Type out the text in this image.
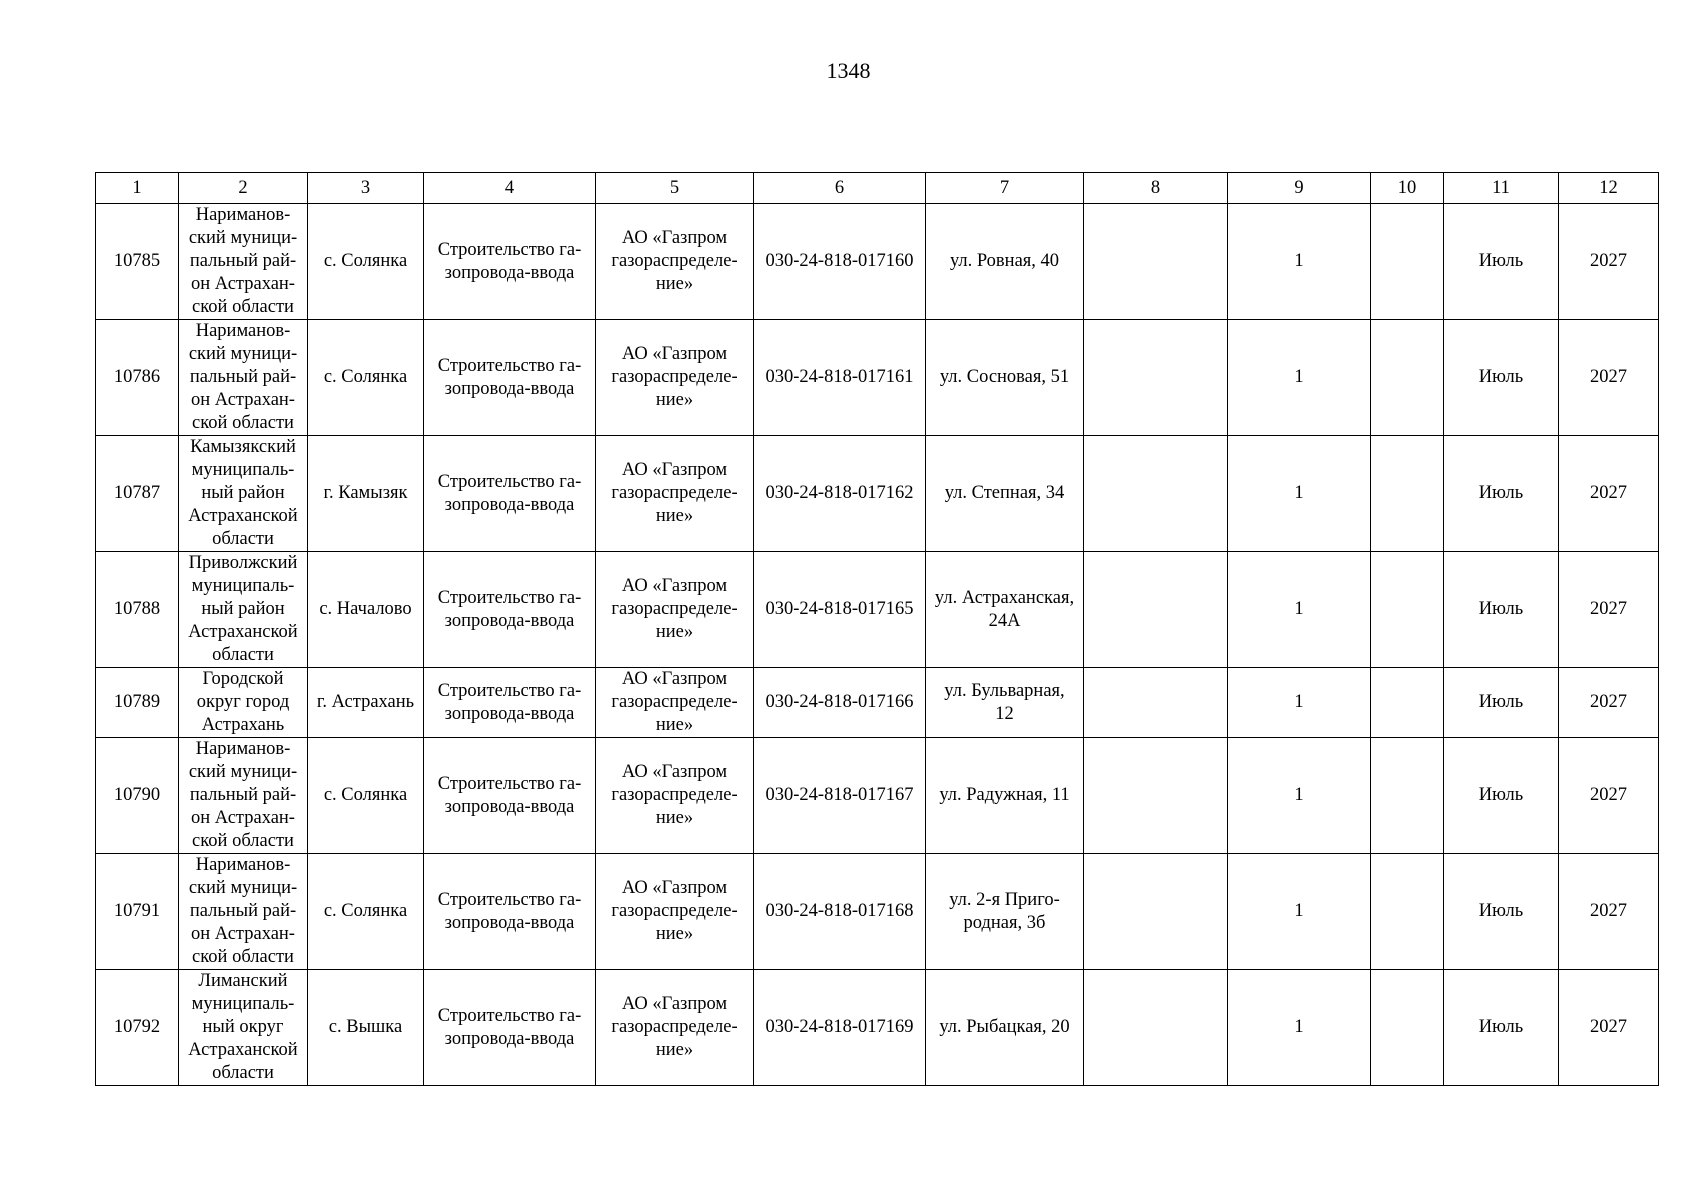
1348
1	2	3	4	5	6	7	8	9	10	11	12
10785	Нариманов-
ский муници-
пальный рай-
он Астрахан-
ской области	с. Солянка	Строительство га-
зопровода-ввода	АО «Газпром
газораспределе-
ние»	030-24-818-017160	ул. Ровная, 40		1		Июль	2027
10786	Нариманов-
ский муници-
пальный рай-
он Астрахан-
ской области	с. Солянка	Строительство га-
зопровода-ввода	АО «Газпром
газораспределе-
ние»	030-24-818-017161	ул. Сосновая, 51		1		Июль	2027
10787	Камызякский
муниципаль-
ный район
Астраханской
области	г. Камызяк	Строительство га-
зопровода-ввода	АО «Газпром
газораспределе-
ние»	030-24-818-017162	ул. Степная, 34		1		Июль	2027
10788	Приволжский
муниципаль-
ный район
Астраханской
области	с. Началово	Строительство га-
зопровода-ввода	АО «Газпром
газораспределе-
ние»	030-24-818-017165	ул. Астраханская,
24А		1		Июль	2027
10789	Городской
округ город
Астрахань	г. Астрахань	Строительство га-
зопровода-ввода	АО «Газпром
газораспределе-
ние»	030-24-818-017166	ул. Бульварная,
12		1		Июль	2027
10790	Нариманов-
ский муници-
пальный рай-
он Астрахан-
ской области	с. Солянка	Строительство га-
зопровода-ввода	АО «Газпром
газораспределе-
ние»	030-24-818-017167	ул. Радужная, 11		1		Июль	2027
10791	Нариманов-
ский муници-
пальный рай-
он Астрахан-
ской области	с. Солянка	Строительство га-
зопровода-ввода	АО «Газпром
газораспределе-
ние»	030-24-818-017168	ул. 2-я Приго-
родная, 3б		1		Июль	2027
10792	Лиманский
муниципаль-
ный округ
Астраханской
области	с. Вышка	Строительство га-
зопровода-ввода	АО «Газпром
газораспределе-
ние»	030-24-818-017169	ул. Рыбацкая, 20		1		Июль	2027
